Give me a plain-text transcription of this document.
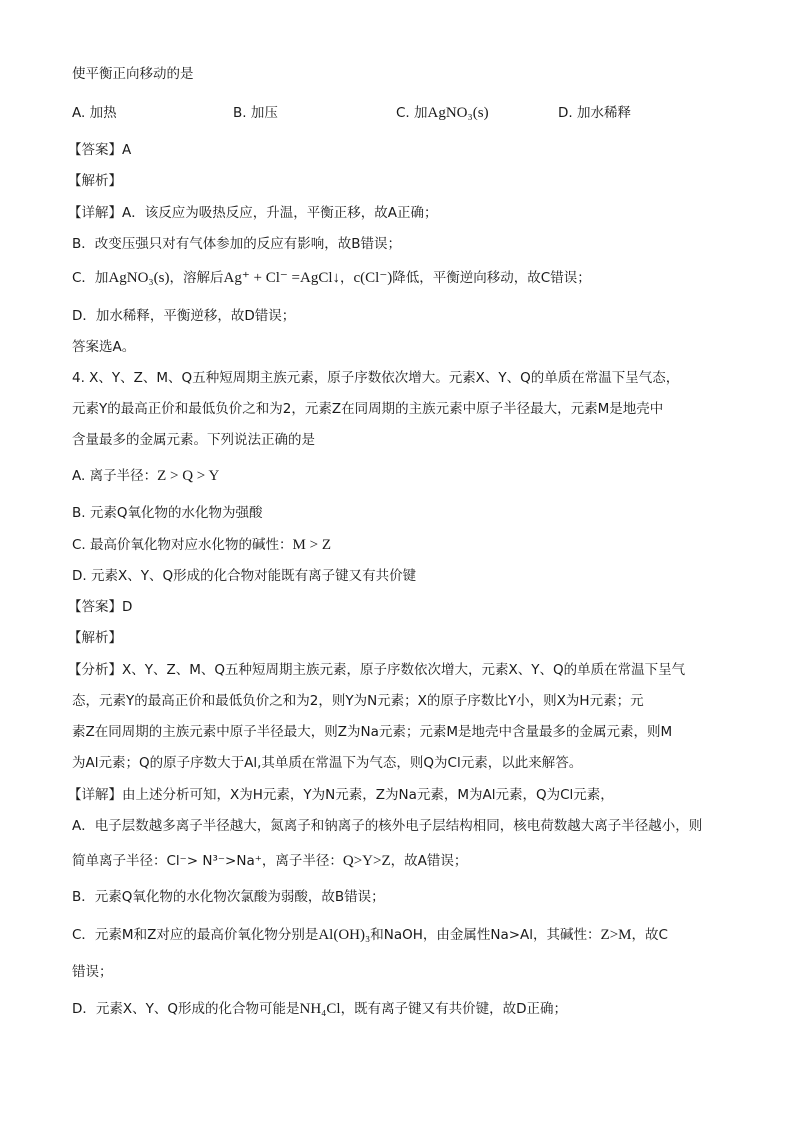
使平衡正向移动的是
A. 加热	B. 加压	C. 加AgNO₃(s)	D. 加水稀释
【答案】A
【解析】
【详解】A．该反应为吸热反应，升温，平衡正移，故A正确；
B．改变压强只对有气体参加的反应有影响，故B错误；
C．加AgNO₃(s)，溶解后Ag⁺ + Cl⁻ =AgCl↓，c(Cl⁻)降低，平衡逆向移动，故C错误；
D．加水稀释，平衡逆移，故D错误；
答案选A。
4. X、Y、Z、M、Q五种短周期主族元素，原子序数依次增大。元素X、Y、Q的单质在常温下呈气态，
元素Y的最高正价和最低负价之和为2，元素Z在同周期的主族元素中原子半径最大，元素M是地壳中
含量最多的金属元素。下列说法正确的是
A. 离子半径：Z > Q > Y
B. 元素Q氧化物的水化物为强酸
C. 最高价氧化物对应水化物的碱性：M > Z
D. 元素X、Y、Q形成的化合物对能既有离子键又有共价键
【答案】D
【解析】
【分析】X、Y、Z、M、Q五种短周期主族元素，原子序数依次增大，元素X、Y、Q的单质在常温下呈气
态，元素Y的最高正价和最低负价之和为2，则Y为N元素；X的原子序数比Y小，则X为H元素；元
素Z在同周期的主族元素中原子半径最大，则Z为Na元素；元素M是地壳中含量最多的金属元素，则M
为Al元素；Q的原子序数大于Al,其单质在常温下为气态，则Q为Cl元素，以此来解答。
【详解】由上述分析可知，X为H元素，Y为N元素，Z为Na元素，M为Al元素，Q为Cl元素，
A．电子层数越多离子半径越大，氮离子和钠离子的核外电子层结构相同，核电荷数越大离子半径越小，则
简单离子半径：Cl⁻> N³⁻>Na⁺，离子半径：Q>Y>Z，故A错误；
B．元素Q氧化物的水化物次氯酸为弱酸，故B错误；
C．元素M和Z对应的最高价氧化物分别是Al(OH)₃和NaOH，由金属性Na>Al，其碱性：Z>M，故C
错误；
D．元素X、Y、Q形成的化合物可能是NH₄Cl，既有离子键又有共价键，故D正确；
